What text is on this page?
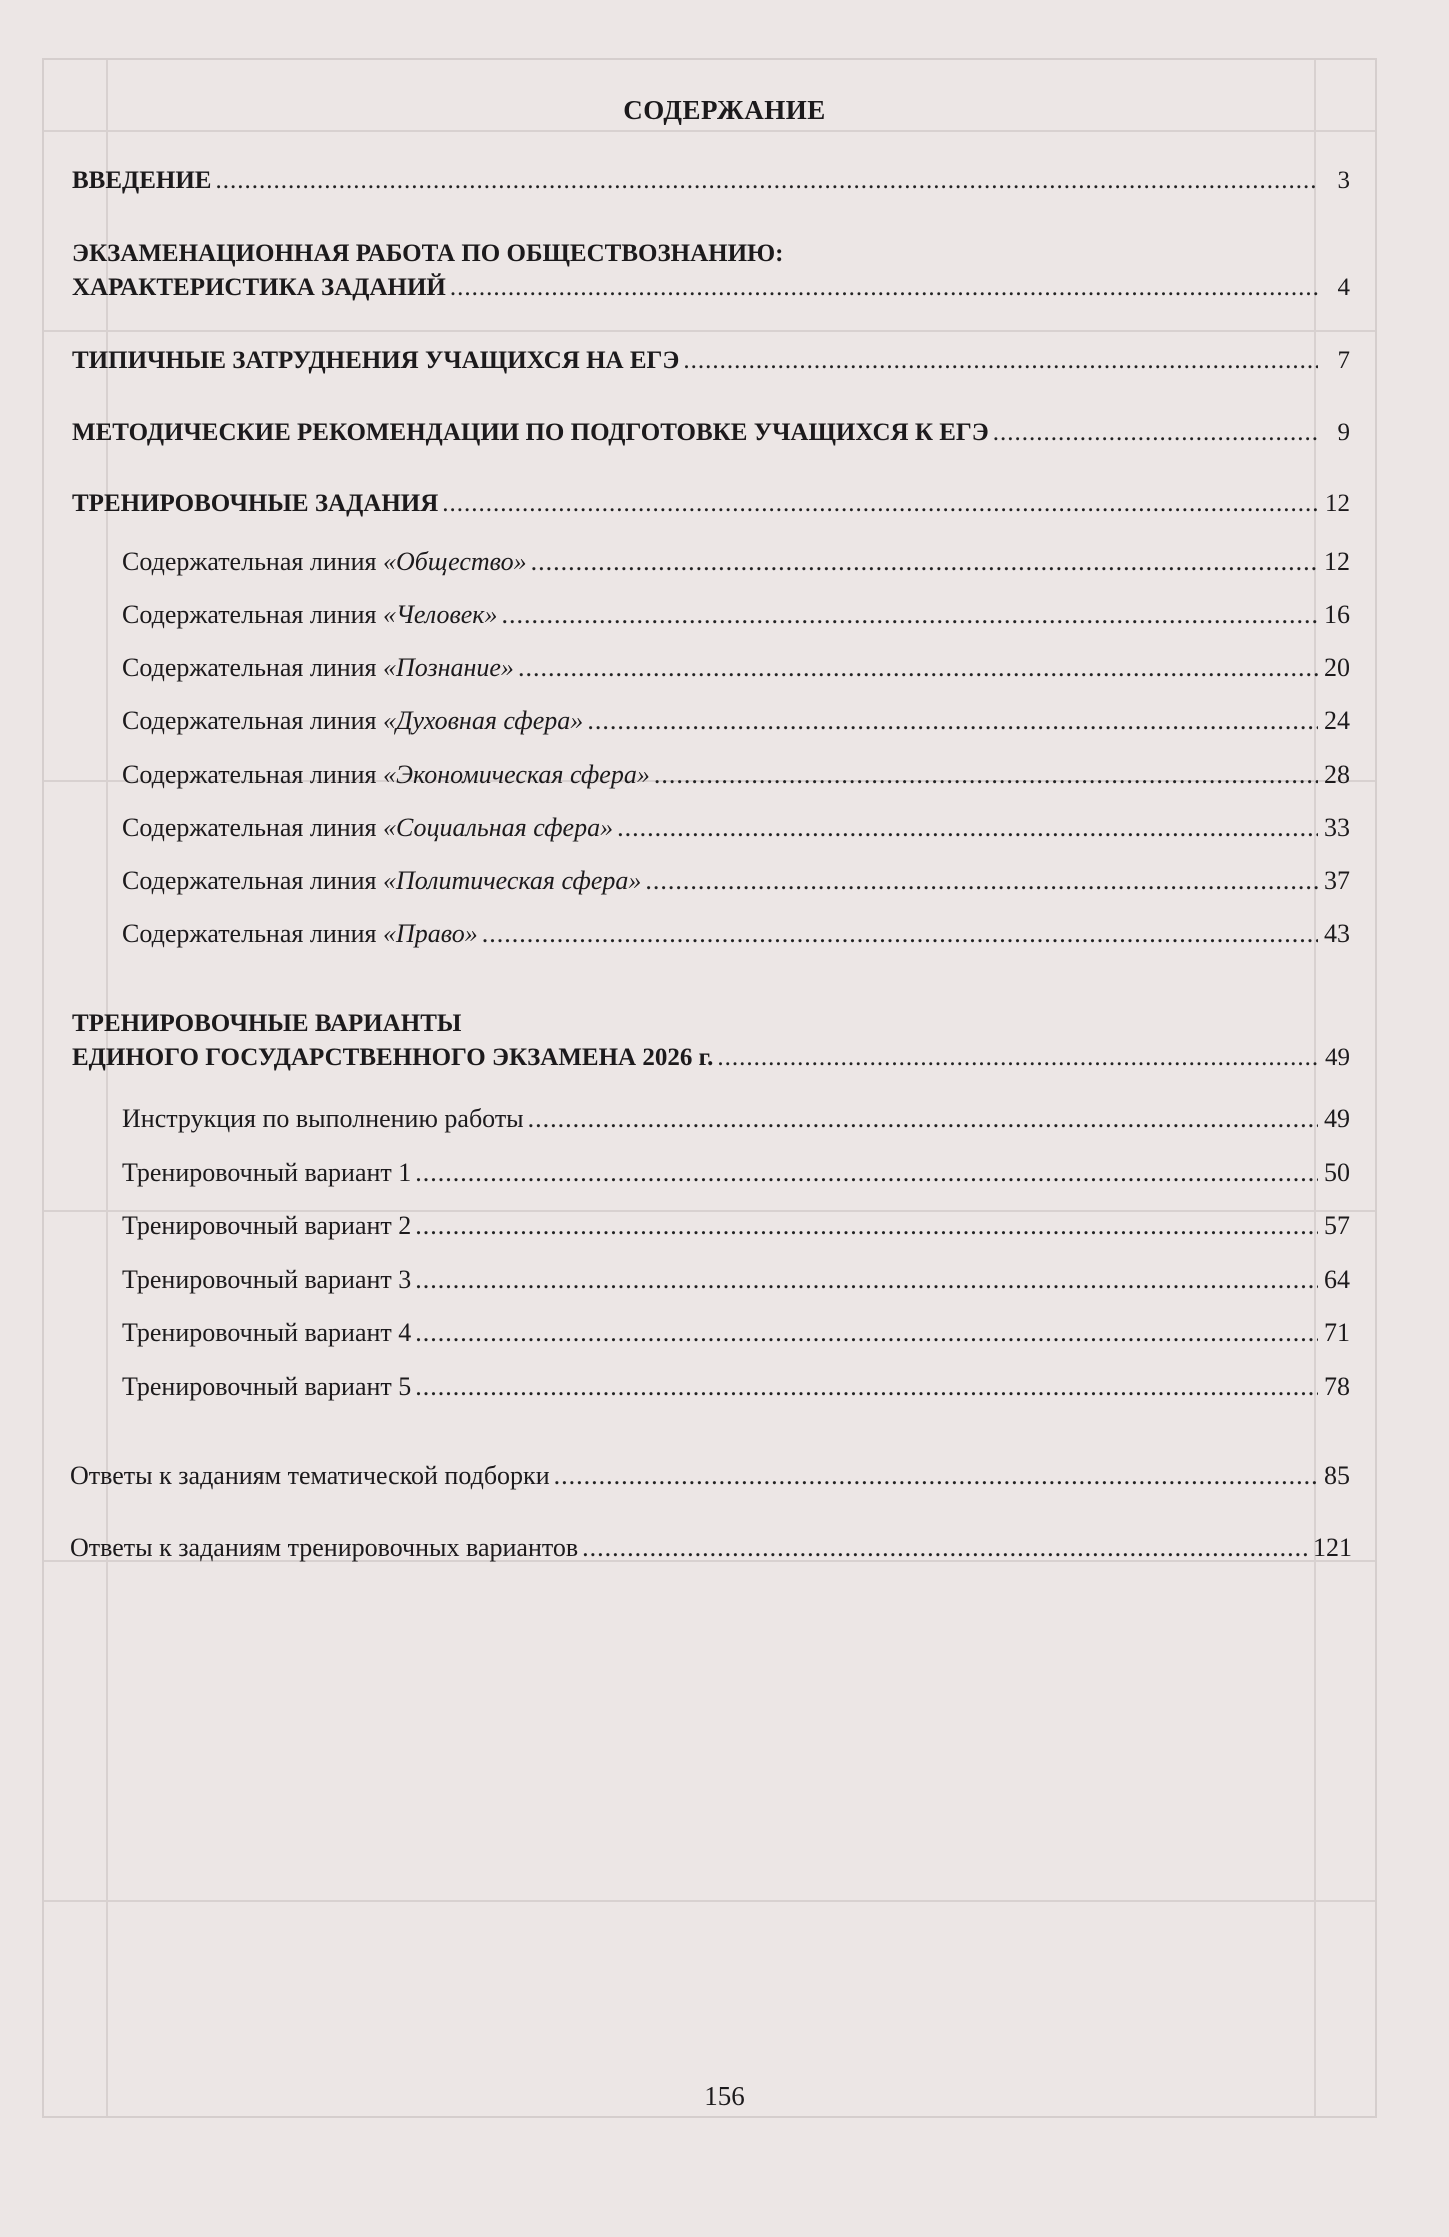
СОДЕРЖАНИЕ
ВВЕДЕНИЕ .....	3
ЭКЗАМЕНАЦИОННАЯ РАБОТА ПО ОБЩЕСТВОЗНАНИЮ:
ХАРАКТЕРИСТИКА ЗАДАНИЙ .....	4
ТИПИЧНЫЕ ЗАТРУДНЕНИЯ УЧАЩИХСЯ НА ЕГЭ .....	7
МЕТОДИЧЕСКИЕ РЕКОМЕНДАЦИИ ПО ПОДГОТОВКЕ УЧАЩИХСЯ К ЕГЭ .....	9
ТРЕНИРОВОЧНЫЕ ЗАДАНИЯ .....	12
Содержательная линия «Общество» .....	12
Содержательная линия «Человек» .....	16
Содержательная линия «Познание» .....	20
Содержательная линия «Духовная сфера» .....	24
Содержательная линия «Экономическая сфера» .....	28
Содержательная линия «Социальная сфера» .....	33
Содержательная линия «Политическая сфера» .....	37
Содержательная линия «Право» .....	43
ТРЕНИРОВОЧНЫЕ ВАРИАНТЫ
ЕДИНОГО ГОСУДАРСТВЕННОГО ЭКЗАМЕНА 2026 г. .....	49
Инструкция по выполнению работы .....	49
Тренировочный вариант 1 .....	50
Тренировочный вариант 2 .....	57
Тренировочный вариант 3 .....	64
Тренировочный вариант 4 .....	71
Тренировочный вариант 5 .....	78
Ответы к заданиям тематической подборки .....	85
Ответы к заданиям тренировочных вариантов .....	121
156
